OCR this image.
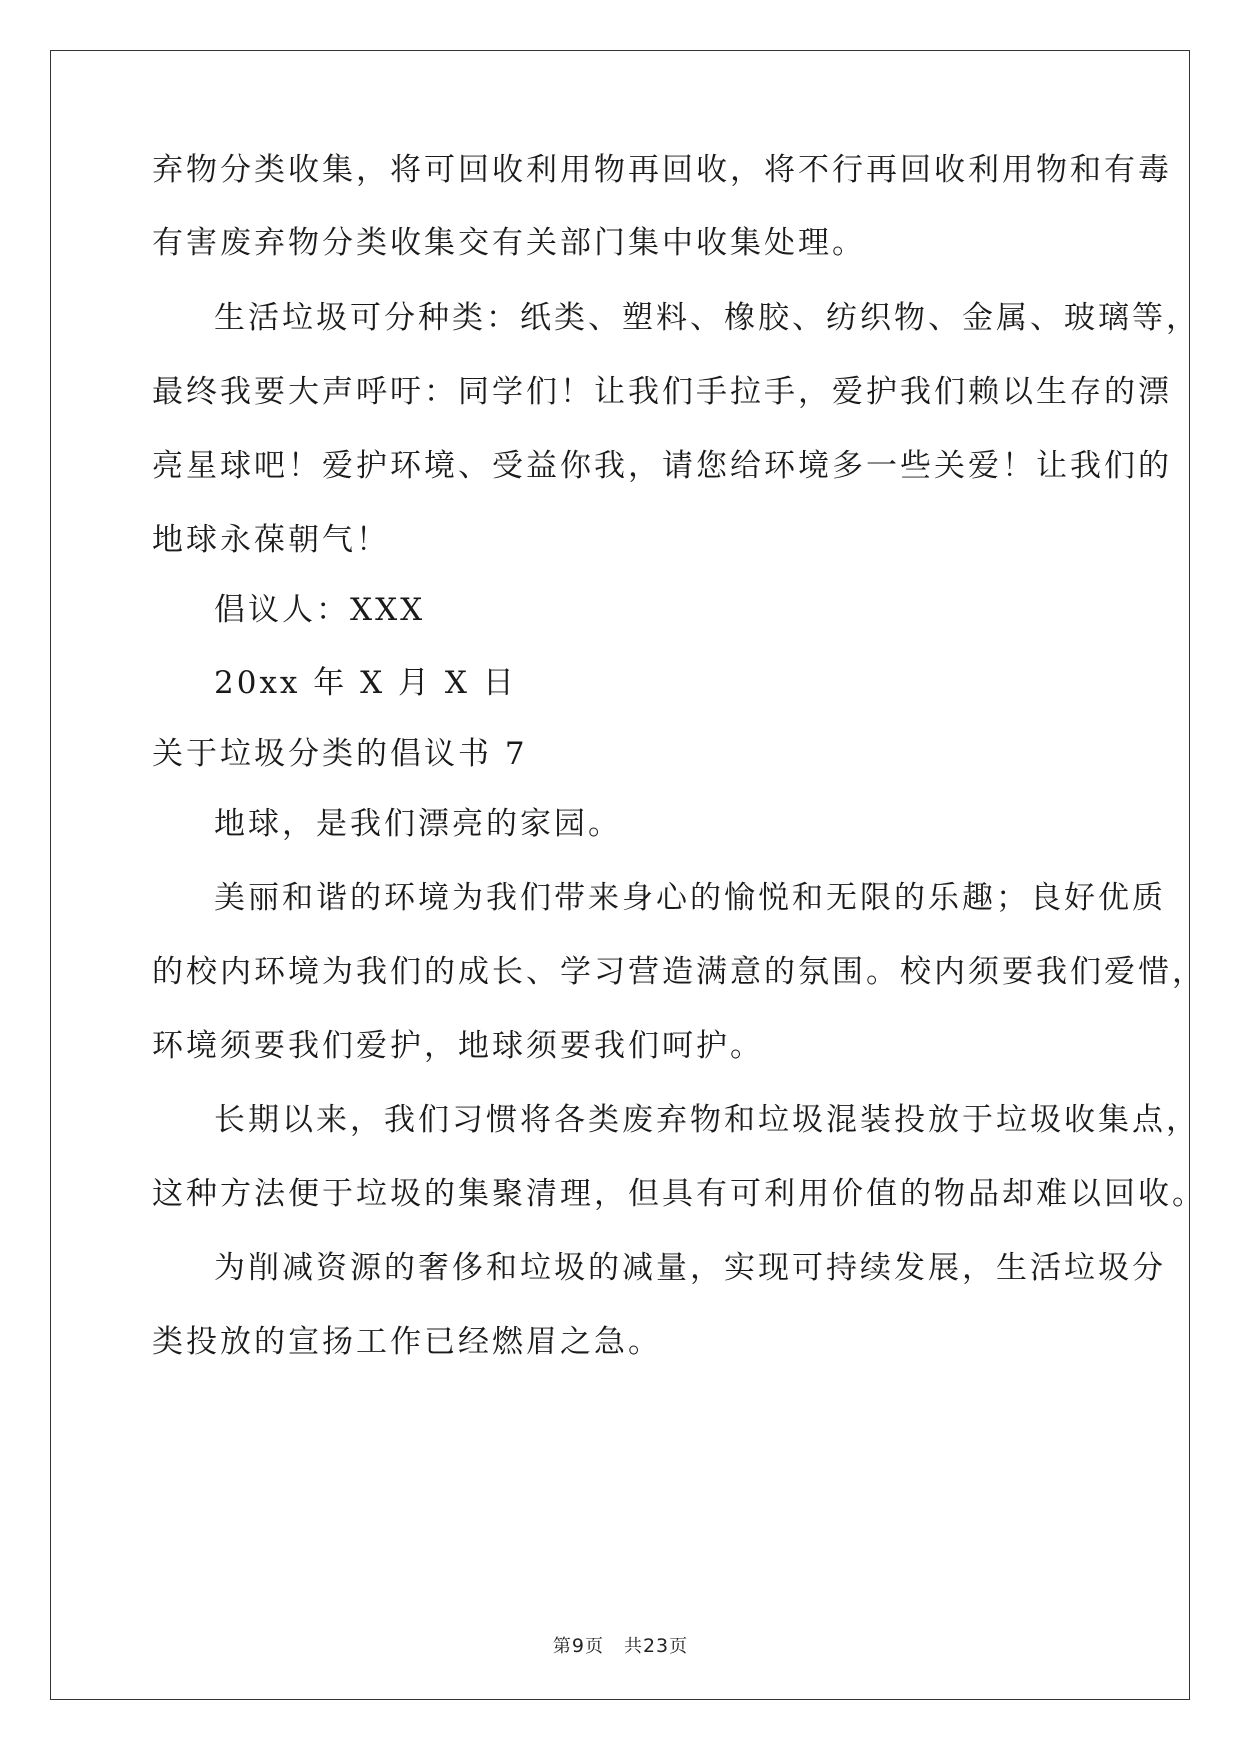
弃物分类收集，将可回收利用物再回收，将不行再回收利用物和有毒
有害废弃物分类收集交有关部门集中收集处理。
生活垃圾可分种类：纸类、塑料、橡胶、纺织物、金属、玻璃等，
最终我要大声呼吁：同学们！让我们手拉手，爱护我们赖以生存的漂
亮星球吧！爱护环境、受益你我，请您给环境多一些关爱！让我们的
地球永葆朝气！
倡议人：XXX
20xx 年 X 月 X 日
关于垃圾分类的倡议书 7
地球，是我们漂亮的家园。
美丽和谐的环境为我们带来身心的愉悦和无限的乐趣；良好优质
的校内环境为我们的成长、学习营造满意的氛围。校内须要我们爱惜，
环境须要我们爱护，地球须要我们呵护。
长期以来，我们习惯将各类废弃物和垃圾混装投放于垃圾收集点，
这种方法便于垃圾的集聚清理，但具有可利用价值的物品却难以回收。
为削减资源的奢侈和垃圾的减量，实现可持续发展，生活垃圾分
类投放的宣扬工作已经燃眉之急。
第9页 共23页
